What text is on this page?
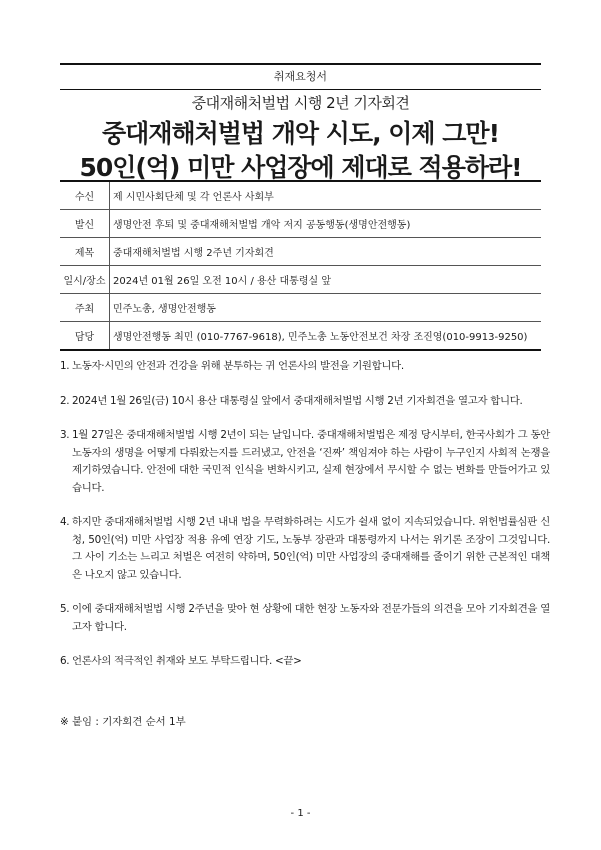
취재요청서
중대재해처벌법 시행 2년 기자회견
중대재해처벌법 개악 시도, 이제 그만!
50인(억) 미만 사업장에 제대로 적용하라!
수신	제 시민사회단체 및 각 언론사 사회부
발신	생명안전 후퇴 및 중대재해처벌법 개악 저지 공동행동(생명안전행동)
제목	중대재해처벌법 시행 2주년 기자회견
일시/장소	2024년 01월 26일 오전 10시 / 용산 대통령실 앞
주최	민주노총, 생명안전행동
담당	생명안전행동 최민 (010-7767-9618), 민주노총 노동안전보건 차장 조진영(010-9913-9250)
1. 노동자·시민의 안전과 건강을 위해 분투하는 귀 언론사의 발전을 기원합니다.
2. 2024년 1월 26일(금) 10시 용산 대통령실 앞에서 중대재해처벌법 시행 2년 기자회견을 열고자 합니다.
3. 1월 27일은 중대재해처벌법 시행 2년이 되는 날입니다. 중대재해처벌법은 제정 당시부터, 한국사회가 그 동안 노동자의 생명을 어떻게 다뤄왔는지를 드러냈고, 안전을 ‘진짜’ 책임져야 하는 사람이 누구인지 사회적 논쟁을 제기하였습니다. 안전에 대한 국민적 인식을 변화시키고, 실제 현장에서 무시할 수 없는 변화를 만들어가고 있습니다.
4. 하지만 중대재해처벌법 시행 2년 내내 법을 무력화하려는 시도가 쉴새 없이 지속되었습니다. 위헌법률심판 신청, 50인(억) 미만 사업장 적용 유예 연장 기도, 노동부 장관과 대통령까지 나서는 위기론 조장이 그것입니다. 그 사이 기소는 느리고 처벌은 여전히 약하며, 50인(억) 미만 사업장의 중대재해를 줄이기 위한 근본적인 대책은 나오지 않고 있습니다.
5. 이에 중대재해처벌법 시행 2주년을 맞아 현 상황에 대한 현장 노동자와 전문가들의 의견을 모아 기자회견을 열고자 합니다.
6. 언론사의 적극적인 취재와 보도 부탁드립니다. <끝>
※ 붙임 : 기자회견 순서 1부
- 1 -
